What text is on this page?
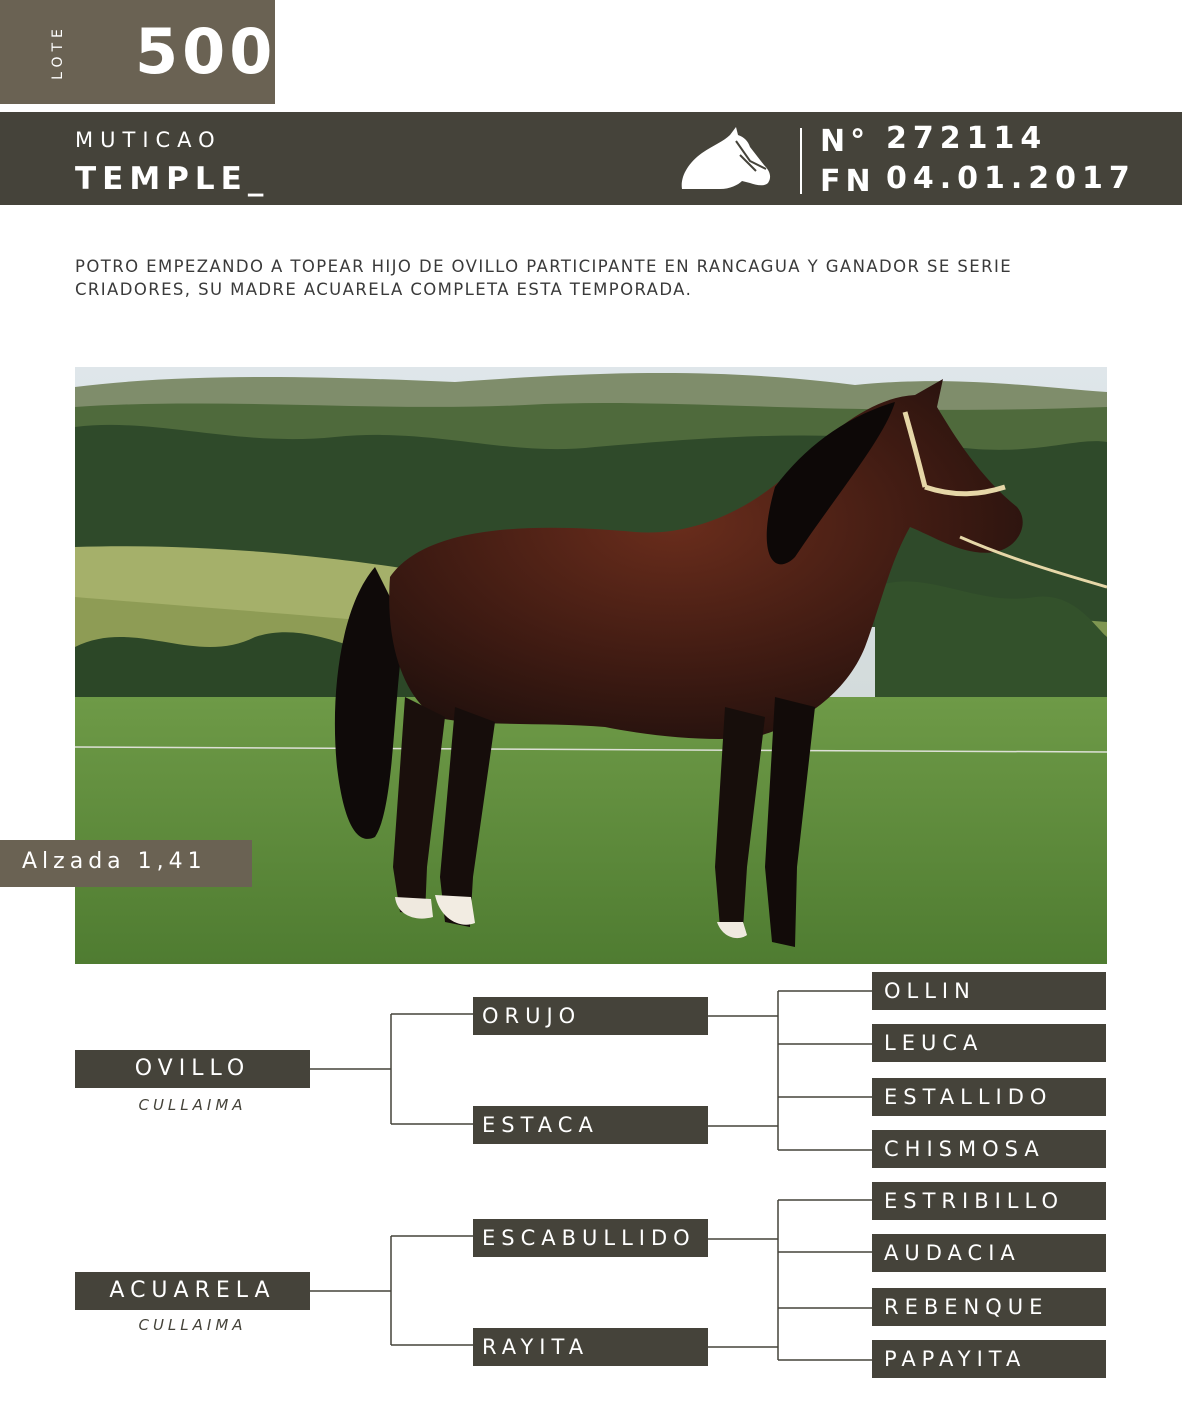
LOTE 500
MUTICAO
TEMPLE_
N° 272114
FN 04.01.2017
POTRO EMPEZANDO A TOPEAR HIJO DE OVILLO PARTICIPANTE EN RANCAGUA Y GANADOR SE SERIE CRIADORES, SU MADRE ACUARELA COMPLETA ESTA TEMPORADA.
Alzada 1,41
OVILLO
CULLAIMA
ACUARELA
CULLAIMA
ORUJO
ESTACA
ESCABULLIDO
RAYITA
OLLIN
LEUCA
ESTALLIDO
CHISMOSA
ESTRIBILLO
AUDACIA
REBENQUE
PAPAYITA
